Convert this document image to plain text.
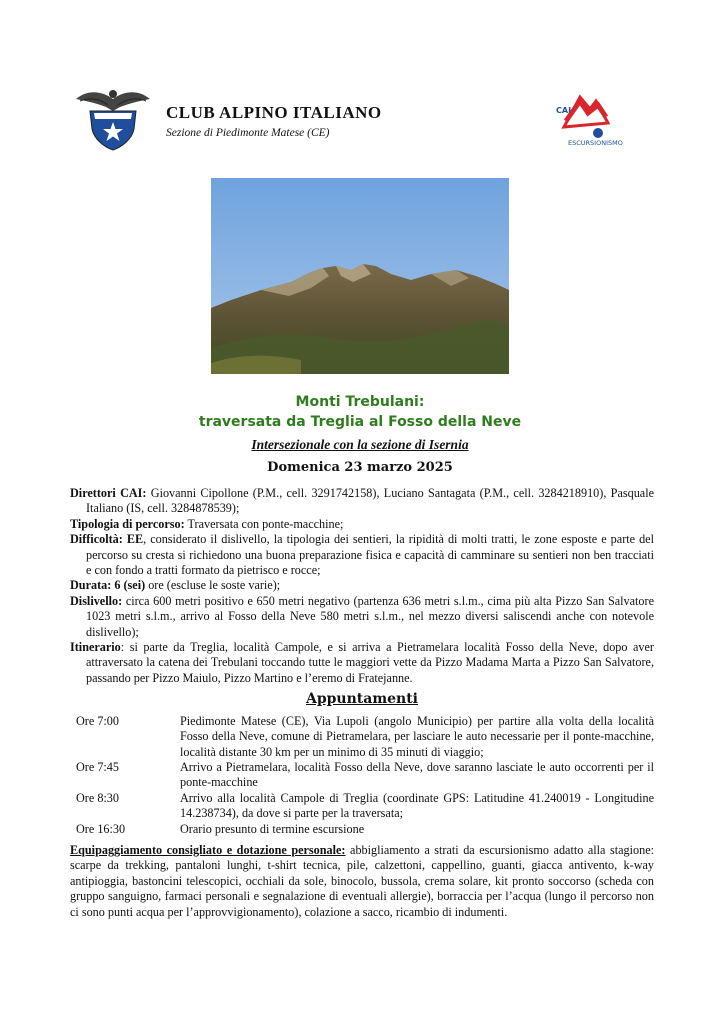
CLUB ALPINO ITALIANO
Sezione di Piedimonte Matese (CE)
CAI
ESCURSIONISMO
Monti Trebulani:
traversata da Treglia al Fosso della Neve
Intersezionale con la sezione di Isernia
Domenica 23 marzo 2025

Direttori CAI: Giovanni Cipollone (P.M., cell. 3291742158), Luciano Santagata (P.M., cell. 3284218910), Pasquale Italiano (IS, cell. 3284878539);

Tipologia di percorso: Traversata con ponte-macchine;

Difficoltà: EE, considerato il dislivello, la tipologia dei sentieri, la ripidità di molti tratti, le zone esposte e parte del percorso su cresta si richiedono una buona preparazione fisica e capacità di camminare su sentieri non ben tracciati e con fondo a tratti formato da pietrisco e rocce;

Durata: 6 (sei) ore (escluse le soste varie);

Dislivello: circa 600 metri positivo e 650 metri negativo (partenza 636 metri s.l.m., cima più alta Pizzo San Salvatore 1023 metri s.l.m., arrivo al Fosso della Neve 580 metri s.l.m., nel mezzo diversi saliscendi anche con notevole dislivello);

Itinerario: si parte da Treglia, località Campole, e si arriva a Pietramelara località Fosso della Neve, dopo aver attraversato la catena dei Trebulani toccando tutte le maggiori vette da Pizzo Madama Marta a Pizzo San Salvatore, passando per Pizzo Maiulo, Pizzo Martino e l’eremo di Fratejanne.

Appuntamenti
Ore 7:00	Piedimonte Matese (CE), Via Lupoli (angolo Municipio) per partire alla volta della località Fosso della Neve, comune di Pietramelara, per lasciare le auto necessarie per il ponte-macchine, località distante 30 km per un minimo di 35 minuti di viaggio;
Ore 7:45	Arrivo a Pietramelara, località Fosso della Neve, dove saranno lasciate le auto occorrenti per il ponte-macchine
Ore 8:30	Arrivo alla località Campole di Treglia (coordinate GPS: Latitudine 41.240019 - Longitudine 14.238734), da dove si parte per la traversata;
Ore 16:30	Orario presunto di termine escursione

Equipaggiamento consigliato e dotazione personale: abbigliamento a strati da escursionismo adatto alla stagione: scarpe da trekking, pantaloni lunghi, t-shirt tecnica, pile, calzettoni, cappellino, guanti, giacca antivento, k-way antipioggia, bastoncini telescopici, occhiali da sole, binocolo, bussola, crema solare, kit pronto soccorso (scheda con gruppo sanguigno, farmaci personali e segnalazione di eventuali allergie), borraccia per l’acqua (lungo il percorso non ci sono punti acqua per l’approvvigionamento), colazione a sacco, ricambio di indumenti.
